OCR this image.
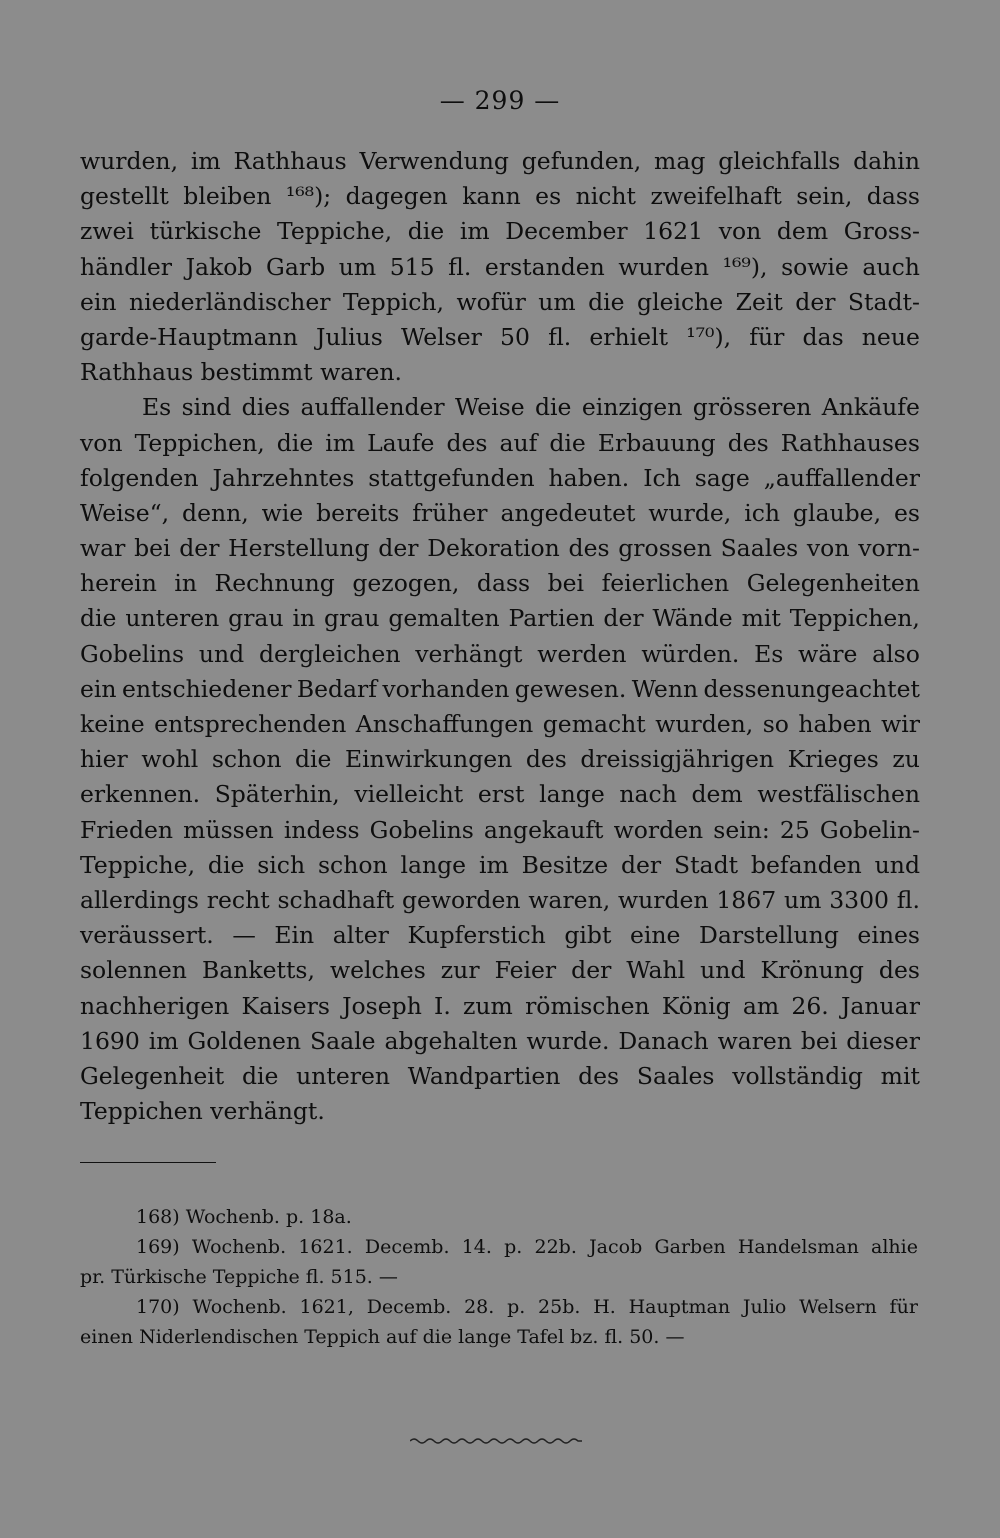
— 299 —
wurden, im Rathhaus Verwendung gefunden, mag gleichfalls dahin
gestellt bleiben ¹⁶⁸); dagegen kann es nicht zweifelhaft sein, dass
zwei türkische Teppiche, die im December 1621 von dem Gross-
händler Jakob Garb um 515 fl. erstanden wurden ¹⁶⁹), sowie auch
ein niederländischer Teppich, wofür um die gleiche Zeit der Stadt-
garde-Hauptmann Julius Welser 50 fl. erhielt ¹⁷⁰), für das neue
Rathhaus bestimmt waren.
Es sind dies auffallender Weise die einzigen grösseren Ankäufe
von Teppichen, die im Laufe des auf die Erbauung des Rathhauses
folgenden Jahrzehntes stattgefunden haben. Ich sage „auffallender
Weise“, denn, wie bereits früher angedeutet wurde, ich glaube, es
war bei der Herstellung der Dekoration des grossen Saales von vorn-
herein in Rechnung gezogen, dass bei feierlichen Gelegenheiten
die unteren grau in grau gemalten Partien der Wände mit Teppichen,
Gobelins und dergleichen verhängt werden würden. Es wäre also
ein entschiedener Bedarf vorhanden gewesen. Wenn dessenungeachtet
keine entsprechenden Anschaffungen gemacht wurden, so haben wir
hier wohl schon die Einwirkungen des dreissigjährigen Krieges zu
erkennen. Späterhin, vielleicht erst lange nach dem westfälischen
Frieden müssen indess Gobelins angekauft worden sein: 25 Gobelin-
Teppiche, die sich schon lange im Besitze der Stadt befanden und
allerdings recht schadhaft geworden waren, wurden 1867 um 3300 fl.
veräussert. — Ein alter Kupferstich gibt eine Darstellung eines
solennen Banketts, welches zur Feier der Wahl und Krönung des
nachherigen Kaisers Joseph I. zum römischen König am 26. Januar
1690 im Goldenen Saale abgehalten wurde. Danach waren bei dieser
Gelegenheit die unteren Wandpartien des Saales vollständig mit
Teppichen verhängt.
168) Wochenb. p. 18a.
169) Wochenb. 1621. Decemb. 14. p. 22b. Jacob Garben Handelsman alhie
pr. Türkische Teppiche fl. 515. —
170) Wochenb. 1621, Decemb. 28. p. 25b. H. Hauptman Julio Welsern für
einen Niderlendischen Teppich auf die lange Tafel bz. fl. 50. —
